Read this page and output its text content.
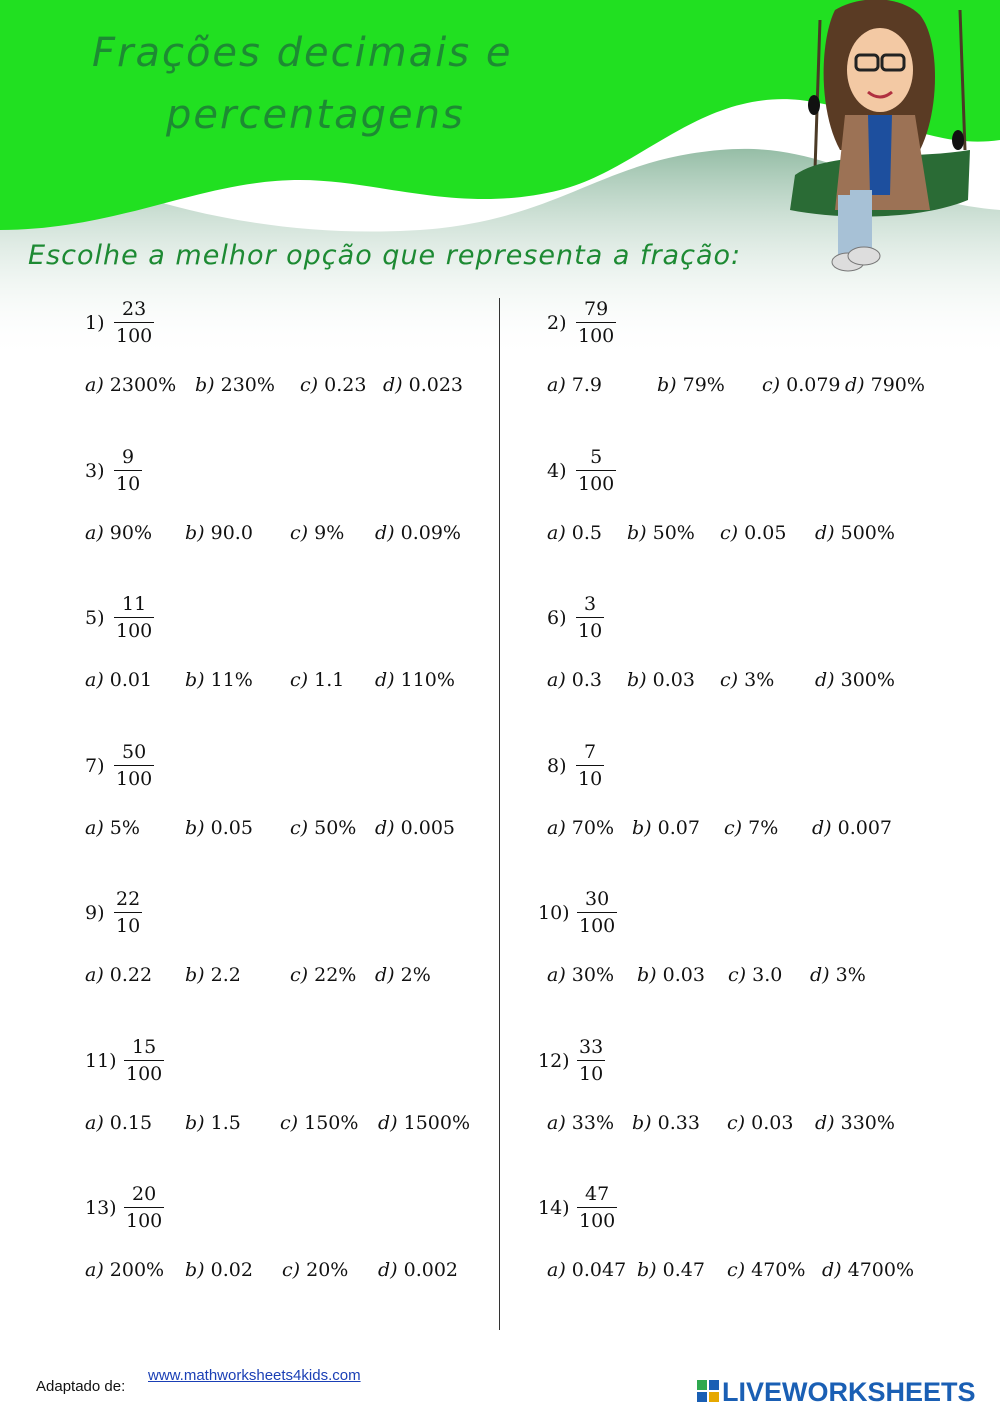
Frações decimais e
percentagens
Escolhe a melhor opção que representa a fração:
$1) \frac{23}{100}$
a) 2300% b) 230% c) 0.23 d) 0.023
$2) \frac{79}{100}$
a) 7.9	b) 79% c) 0.079 d) 790%
$3) \frac{9}{10}$
a) 90% b) 90.0 c) 9% d) 0.09%
$4) \frac{5}{100}$
a) 0.5 b) 50% c) 0.05 d) 500%
$5) \frac{11}{100}$
a) 0.01 b) 11% c) 1.1 d) 110%
$6) \frac{3}{10}$
a) 0.3 b) 0.03 c) 3% d) 300%
$7) \frac{50}{100}$
a) 5% b) 0.05 c) 50% d) 0.005
$8) \frac{7}{10}$
a) 70% b) 0.07 c) 7% d) 0.007
$9) \frac{22}{10}$
a) 0.22 b) 2.2	c) 22% d) 2%
$10) \frac{30}{100}$
a) 30% b) 0.03 c) 3.0 d) 3%
$11) \frac{15}{100}$
a) 0.15 b) 1.5 c) 150% d) 1500%
$12) \frac{33}{10}$
a) 33% b) 0.33 c) 0.03 d) 330%
$13) \frac{20}{100}$
a) 200% b) 0.02 c) 20% d) 0.002
$14) \frac{47}{100}$
a) 0.047 b) 0.47 c) 470% d) 4700%
Adaptado de:
www.mathworksheets4kids.com
LIVEWORKSHEETS
